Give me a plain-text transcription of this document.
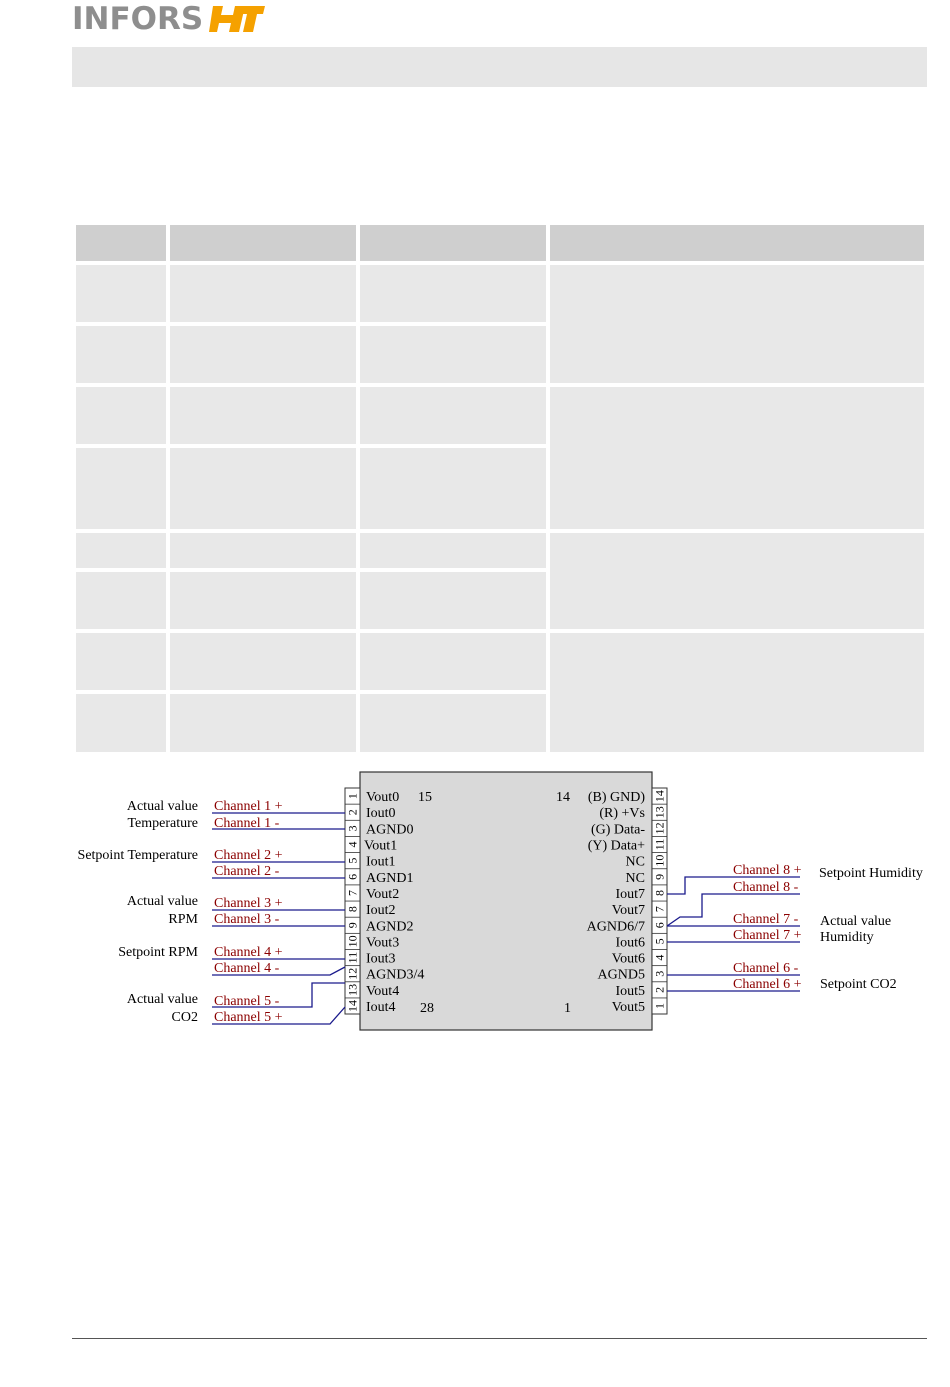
INFORS
1
2
3
4
5
6
7
8
9
10
11
12
13
14
14
13
12
11
10
9
8
7
6
5
4
3
2
1
Vout0
Iout0
AGND0
Vout1
Iout1
AGND1
Vout2
Iout2
AGND2
Vout3
Iout3
AGND3/4
Vout4
Iout4
(B) GND)
(R) +Vs
(G) Data-
(Y) Data+
NC
NC
Iout7
Vout7
AGND6/7
Iout6
Vout6
AGND5
Iout5
Vout5
15
28
14
1
Channel 1 +
Channel 1 -
Channel 2 +
Channel 2 -
Channel 3 +
Channel 3 -
Channel 4 +
Channel 4 -
Channel 5 -
Channel 5 +
Channel 8 +
Channel 8 -
Channel 7 -
Channel 7 +
Channel 6 -
Channel 6 +
Actual value
Temperature
Setpoint Temperature
Actual value
RPM
Setpoint RPM
Actual value
CO2
Setpoint Humidity
Actual value
Humidity
Setpoint CO2
